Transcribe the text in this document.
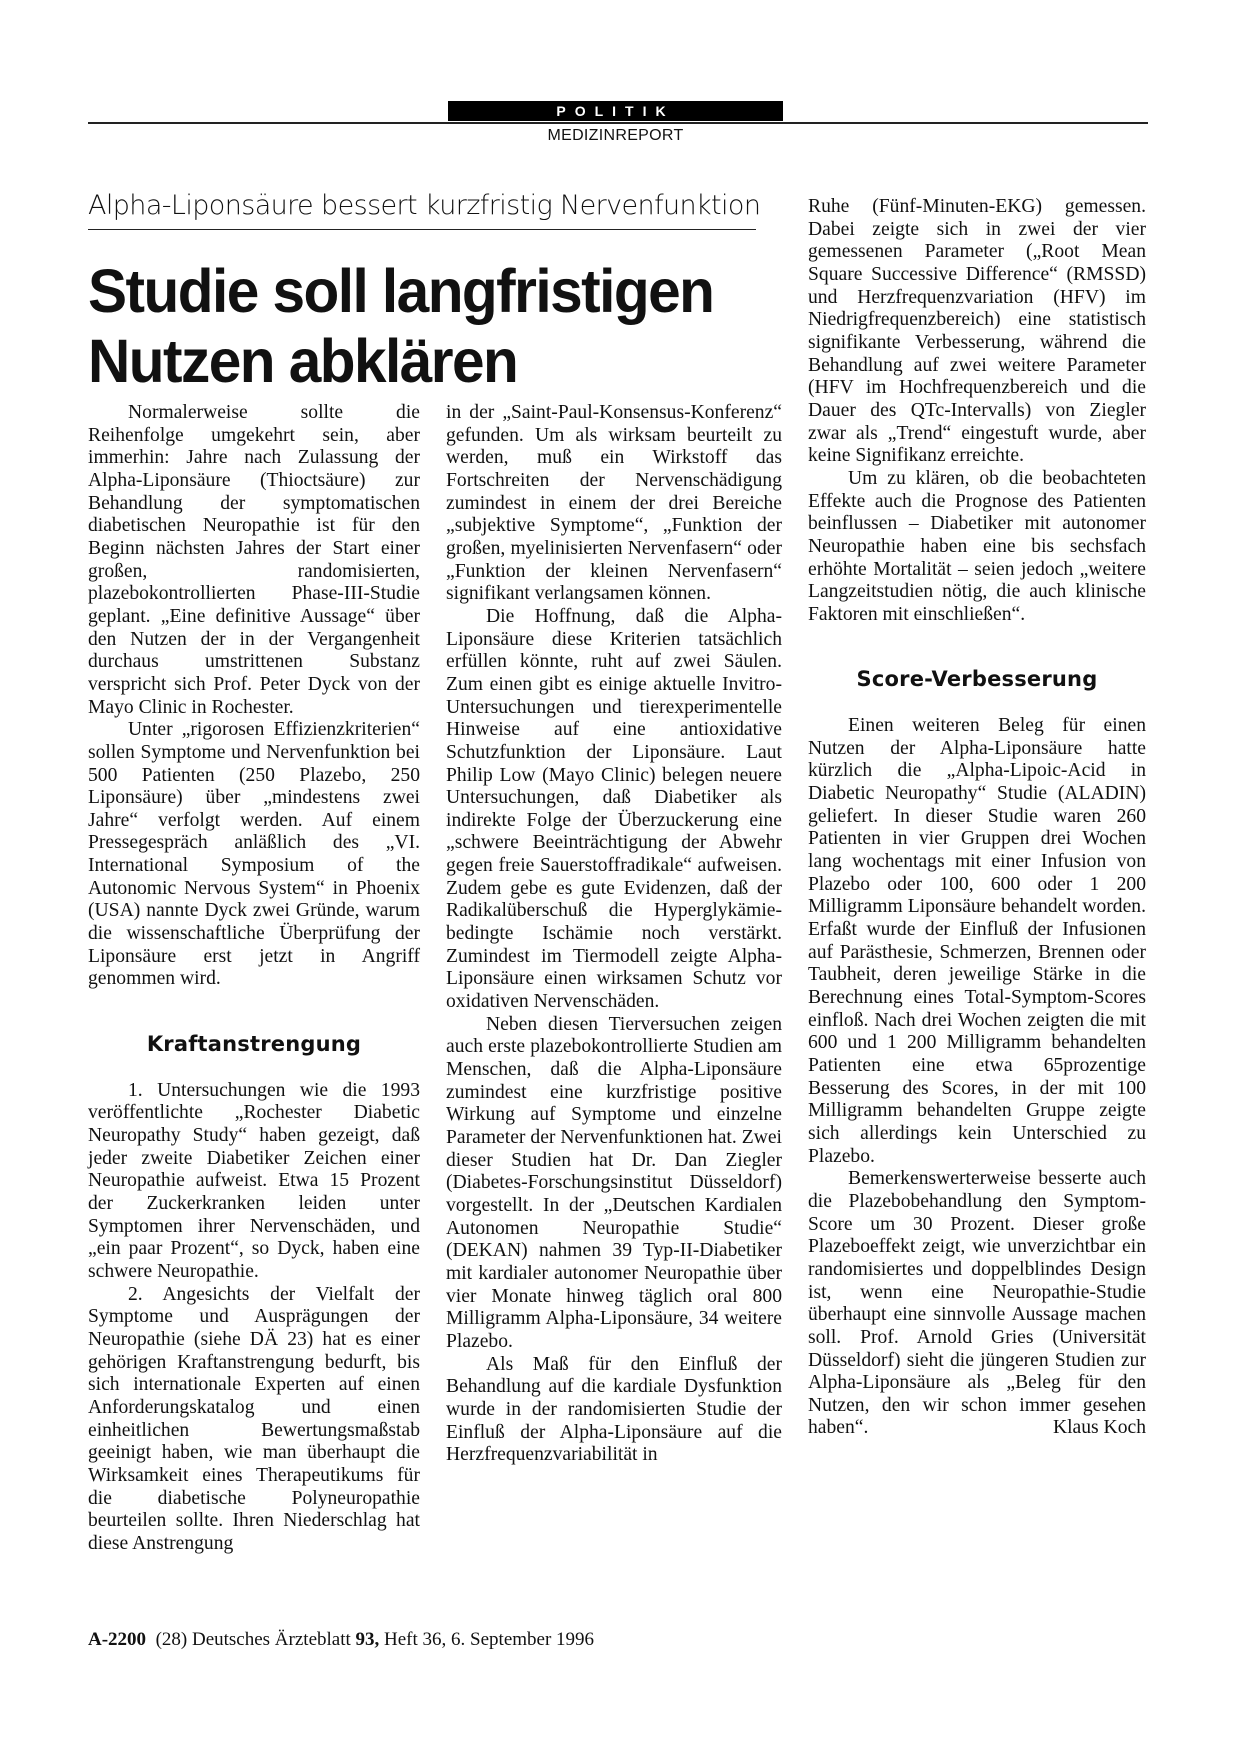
POLITIK
MEDIZINREPORT
Alpha-Liponsäure bessert kurzfristig Nervenfunktion
Studie soll langfristigen
Nutzen abklären

Normalerweise sollte die Reihenfolge umgekehrt sein, aber immerhin: Jahre nach Zulassung der Alpha-Liponsäure (Thioctsäure) zur Behandlung der symptomatischen diabetischen Neuropathie ist für den Beginn nächsten Jahres der Start einer großen, randomisierten, plazebokontrollierten Phase-III-Studie geplant. „Eine definitive Aussage“ über den Nutzen der in der Vergangenheit durchaus umstrittenen Substanz verspricht sich Prof. Peter Dyck von der Mayo Clinic in Rochester.

Unter „rigorosen Effizienzkriterien“ sollen Symptome und Nervenfunktion bei 500 Patienten (250 Plazebo, 250 Liponsäure) über „mindestens zwei Jahre“ verfolgt werden. Auf einem Pressegespräch anläßlich des „VI. International Symposium of the Autonomic Nervous System“ in Phoenix (USA) nannte Dyck zwei Gründe, warum die wissenschaftliche Überprüfung der Liponsäure erst jetzt in Angriff genommen wird.

Kraftanstrengung

1. Untersuchungen wie die 1993 veröffentlichte „Rochester Diabetic Neuropathy Study“ haben gezeigt, daß jeder zweite Diabetiker Zeichen einer Neuropathie aufweist. Etwa 15 Prozent der Zuckerkranken leiden unter Symptomen ihrer Nervenschäden, und „ein paar Prozent“, so Dyck, haben eine schwere Neuropathie.

2. Angesichts der Vielfalt der Symptome und Ausprägungen der Neuropathie (siehe DÄ 23) hat es einer gehörigen Kraftanstrengung bedurft, bis sich internationale Experten auf einen Anforderungskatalog und einen einheitlichen Bewertungsmaßstab geeinigt haben, wie man überhaupt die Wirksamkeit eines Therapeutikums für die diabetische Polyneuropathie beurteilen sollte. Ihren Niederschlag hat diese Anstrengung

in der „Saint-Paul-Konsensus-Konferenz“ gefunden. Um als wirksam beurteilt zu werden, muß ein Wirkstoff das Fortschreiten der Nervenschädigung zumindest in einem der drei Bereiche „subjektive Symptome“, „Funktion der großen, myelinisierten Nervenfasern“ oder „Funktion der kleinen Nervenfasern“ signifikant verlangsamen können.

Die Hoffnung, daß die Alpha-Liponsäure diese Kriterien tatsächlich erfüllen könnte, ruht auf zwei Säulen. Zum einen gibt es einige aktuelle Invitro-Untersuchungen und tierexperimentelle Hinweise auf eine antioxidative Schutzfunktion der Liponsäure. Laut Philip Low (Mayo Clinic) belegen neuere Untersuchungen, daß Diabetiker als indirekte Folge der Überzuckerung eine „schwere Beeinträchtigung der Abwehr gegen freie Sauerstoffradikale“ aufweisen. Zudem gebe es gute Evidenzen, daß der Radikalüberschuß die Hyperglykämie-bedingte Ischämie noch verstärkt. Zumindest im Tiermodell zeigte Alpha-Liponsäure einen wirksamen Schutz vor oxidativen Nervenschäden.

Neben diesen Tierversuchen zeigen auch erste plazebokontrollierte Studien am Menschen, daß die Alpha-Liponsäure zumindest eine kurzfristige positive Wirkung auf Symptome und einzelne Parameter der Nervenfunktionen hat. Zwei dieser Studien hat Dr. Dan Ziegler (Diabetes-Forschungsinstitut Düsseldorf) vorgestellt. In der „Deutschen Kardialen Autonomen Neuropathie Studie“ (DEKAN) nahmen 39 Typ-II-Diabetiker mit kardialer autonomer Neuropathie über vier Monate hinweg täglich oral 800 Milligramm Alpha-Liponsäure, 34 weitere Plazebo.

Als Maß für den Einfluß der Behandlung auf die kardiale Dysfunktion wurde in der randomisierten Studie der Einfluß der Alpha-Liponsäure auf die Herzfrequenzvariabilität in

Ruhe (Fünf-Minuten-EKG) gemessen. Dabei zeigte sich in zwei der vier gemessenen Parameter („Root Mean Square Successive Difference“ (RMSSD) und Herzfrequenzvariation (HFV) im Niedrigfrequenzbereich) eine statistisch signifikante Verbesserung, während die Behandlung auf zwei weitere Parameter (HFV im Hochfrequenzbereich und die Dauer des QTc-Intervalls) von Ziegler zwar als „Trend“ eingestuft wurde, aber keine Signifikanz erreichte.

Um zu klären, ob die beobachteten Effekte auch die Prognose des Patienten beinflussen – Diabetiker mit autonomer Neuropathie haben eine bis sechsfach erhöhte Mortalität – seien jedoch „weitere Langzeitstudien nötig, die auch klinische Faktoren mit einschließen“.

Score-Verbesserung

Einen weiteren Beleg für einen Nutzen der Alpha-Liponsäure hatte kürzlich die „Alpha-Lipoic-Acid in Diabetic Neuropathy“ Studie (ALADIN) geliefert. In dieser Studie waren 260 Patienten in vier Gruppen drei Wochen lang wochentags mit einer Infusion von Plazebo oder 100, 600 oder 1 200 Milligramm Liponsäure behandelt worden. Erfaßt wurde der Einfluß der Infusionen auf Parästhesie, Schmerzen, Brennen oder Taubheit, deren jeweilige Stärke in die Berechnung eines Total-Symptom-Scores einfloß. Nach drei Wochen zeigten die mit 600 und 1 200 Milligramm behandelten Patienten eine etwa 65prozentige Besserung des Scores, in der mit 100 Milligramm behandelten Gruppe zeigte sich allerdings kein Unterschied zu Plazebo.

Bemerkenswerterweise besserte auch die Plazebobehandlung den Symptom-Score um 30 Prozent. Dieser große Plazeboeffekt zeigt, wie unverzichtbar ein randomisiertes und doppelblindes Design ist, wenn eine Neuropathie-Studie überhaupt eine sinnvolle Aussage machen soll. Prof. Arnold Gries (Universität Düsseldorf) sieht die jüngeren Studien zur Alpha-Liponsäure als „Beleg für den Nutzen, den wir schon immer gesehen haben“.	Klaus Koch

A-2200 (28) Deutsches Ärzteblatt 93, Heft 36, 6. September 1996
